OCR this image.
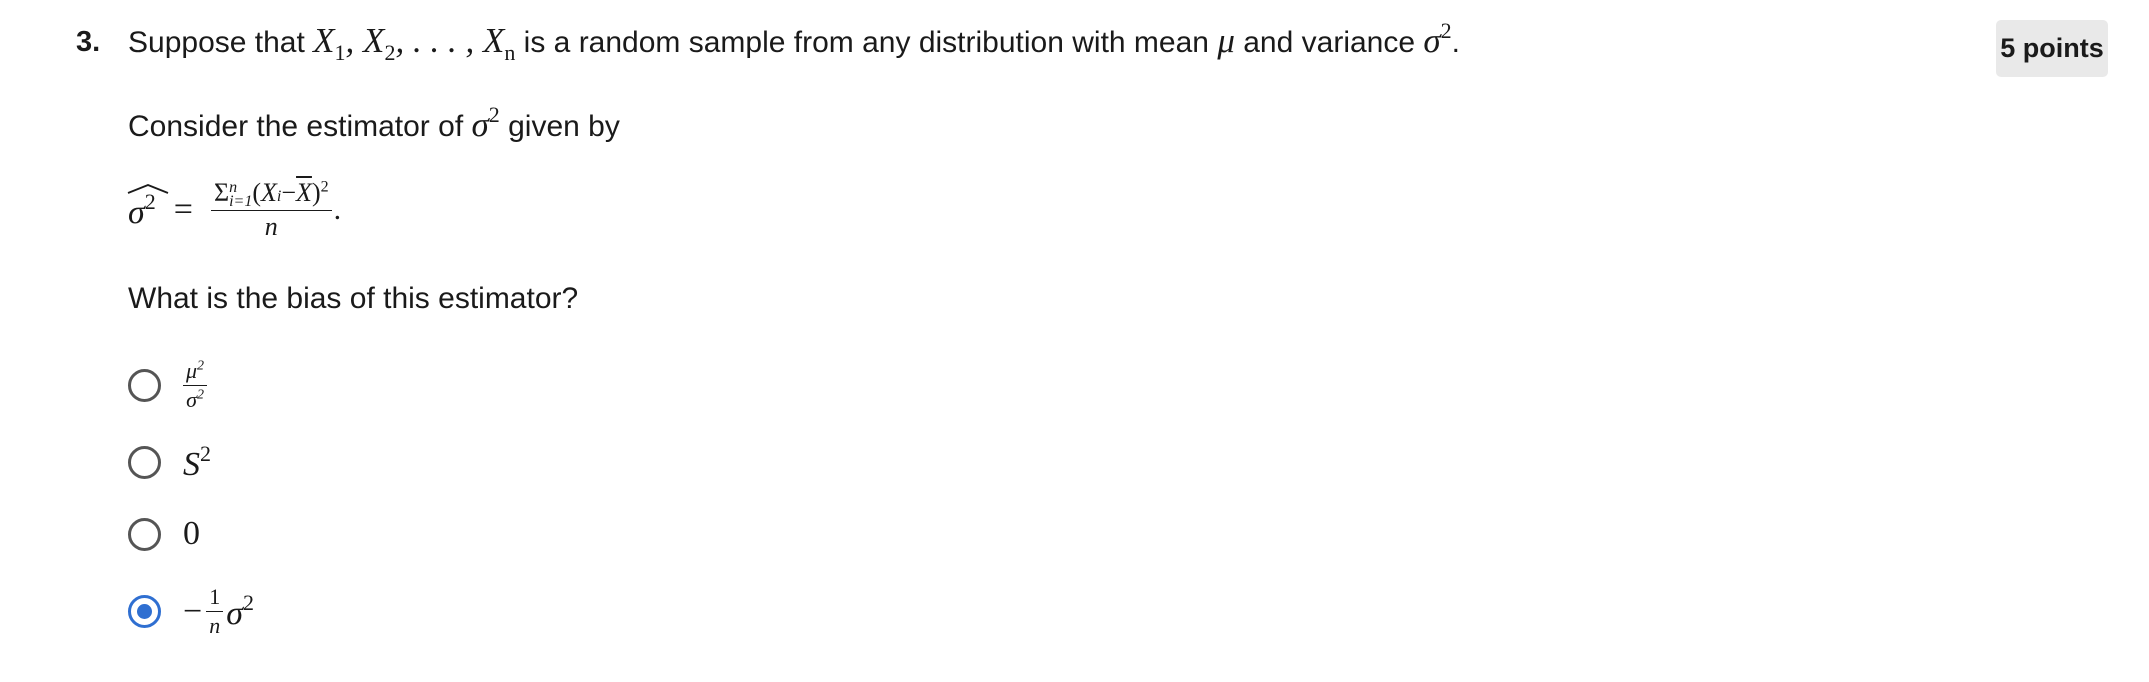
3.	5 points
Suppose that $X_1$, $X_2$, . . . , $X_n$ is a random sample from any distribution with mean μ and variance $\sigma^2$.
Consider the estimator of $\sigma^2$ given by
$\sigma^2 = \Sigma$ n
i=1 $(Xi-\overline{X})^2$
n .
What is the bias of this estimator?
$\frac{\mu^2}{\sigma^2}$
$S^2$
0
− $\frac{1}{n} \sigma^2$
